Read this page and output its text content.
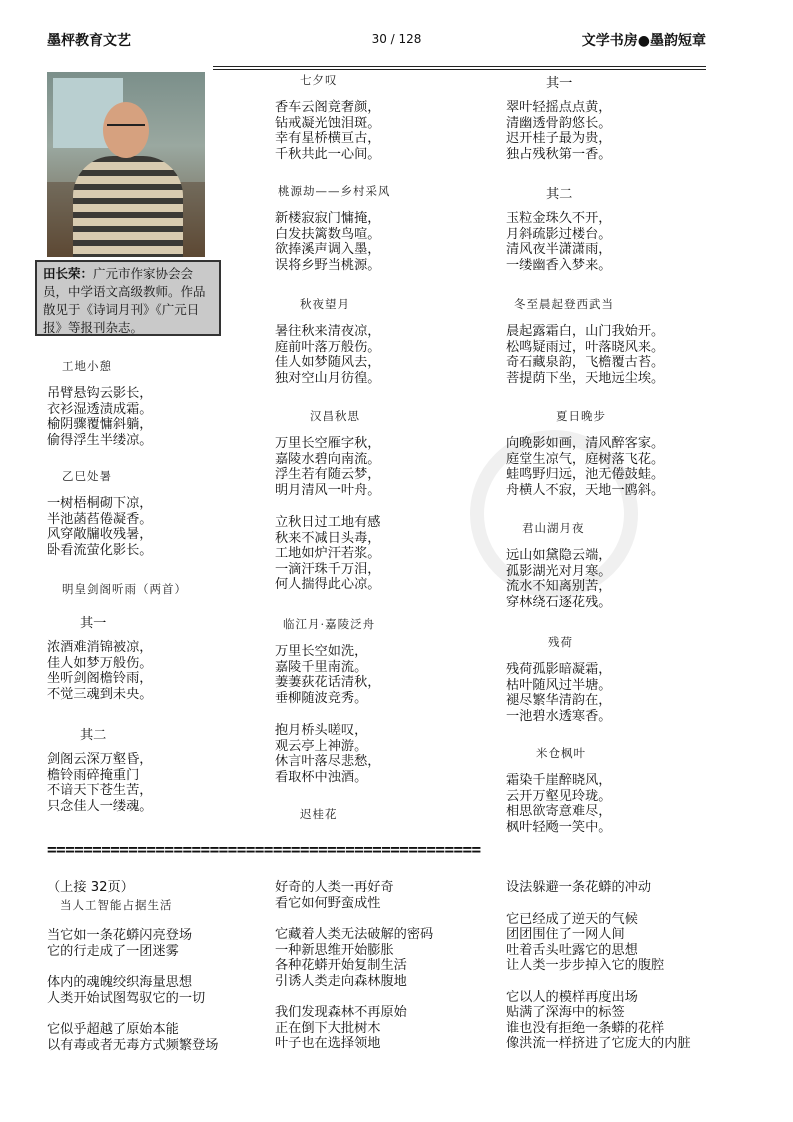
墨枰教育文艺	30 / 128	文学书房●墨韵短章
田长荣：广元市作家协会会员，中学语文高级教师。作品散见于《诗词月刊》《广元日报》等报刊杂志。
工地小憩
吊臂悬钩云影长，
衣衫湿透渍成霜。
榆阴骤覆慵斜躺，
偷得浮生半缕凉。
乙巳处暑
一树梧桐砌下凉，
半池菡萏倦凝香。
风穿敞牖收残暑，
卧看流萤化影长。
明皇剑阁听雨（两首）
其一
浓酒难消锦被凉，
佳人如梦万般伤。
坐听剑阁檐铃雨，
不觉三魂到未央。
其二
剑阁云深万壑昏，
檐铃雨碎掩重门
不谙天下苍生苦，
只念佳人一缕魂。
七夕叹
香车云阁竟奢颜，
钻戒凝光蚀泪斑。
幸有星桥横亘古，
千秋共此一心间。
桃源劫——乡村采风
新楼寂寂门慵掩，
白发扶篱数鸟喧。
欲捧溪声调入墨，
误将乡野当桃源。
秋夜望月
暑往秋来清夜凉，
庭前叶落万般伤。
佳人如梦随风去，
独对空山月彷徨。
汉昌秋思
万里长空雁字秋，
嘉陵水碧向南流。
浮生若有随云梦，
明月清风一叶舟。

立秋日过工地有感
秋来不减日头毒，
工地如炉汗若浆。
一滴汗珠千万泪，
何人揣得此心凉。
临江月·嘉陵泛舟
万里长空如洗，
嘉陵千里南流。
萋萋荻花话清秋，
垂柳随波竞秀。

抱月桥头嗟叹，
观云亭上神游。
休言叶落尽悲愁，
看取杯中浊酒。
迟桂花
其一
翠叶轻摇点点黄，
清幽透骨韵悠长。
迟开桂子最为贵，
独占残秋第一香。
其二
玉粒金珠久不开，
月斜疏影过楼台。
清风夜半潇潇雨，
一缕幽香入梦来。
冬至晨起登西武当
晨起露霜白，山门我始开。
松鸣疑雨过，叶落晓风来。
奇石藏泉韵，飞檐覆古苔。
菩提荫下坐，天地远尘埃。
夏日晚步
向晚影如画，清风醉客家。
庭堂生凉气，庭树落飞花。
蛙鸣野归远，池无倦鼓蛙。
舟横人不寂，天地一鸥斜。
君山湖月夜
远山如黛隐云端，
孤影湖光对月寒。
流水不知离别苦，
穿林绕石逐花残。
残荷
残荷孤影暗凝霜，
枯叶随风过半塘。
褪尽繁华清韵在，
一池碧水透寒香。
米仓枫叶
霜染千崖醉晓风，
云开万壑见玲珑。
相思欲寄意难尽，
枫叶轻飏一笑中。
================================================
（上接 32页）
当人工智能占据生活

当它如一条花蟒闪亮登场
它的行走成了一团迷雾

体内的魂魄绞织海量思想
人类开始试图驾驭它的一切

它似乎超越了原始本能
以有毒或者无毒方式频繁登场
好奇的人类一再好奇
看它如何野蛮成性

它藏着人类无法破解的密码
一种新思维开始膨胀
各种花蟒开始复制生活
引诱人类走向森林腹地

我们发现森林不再原始
正在倒下大批树木
叶子也在选择领地
设法躲避一条花蟒的冲动

它已经成了逆天的气候
团团围住了一网人间
吐着舌头吐露它的思想
让人类一步步掉入它的腹腔

它以人的模样再度出场
贴满了深海中的标签
谁也没有拒绝一条蟒的花样
像洪流一样挤进了它庞大的内脏
